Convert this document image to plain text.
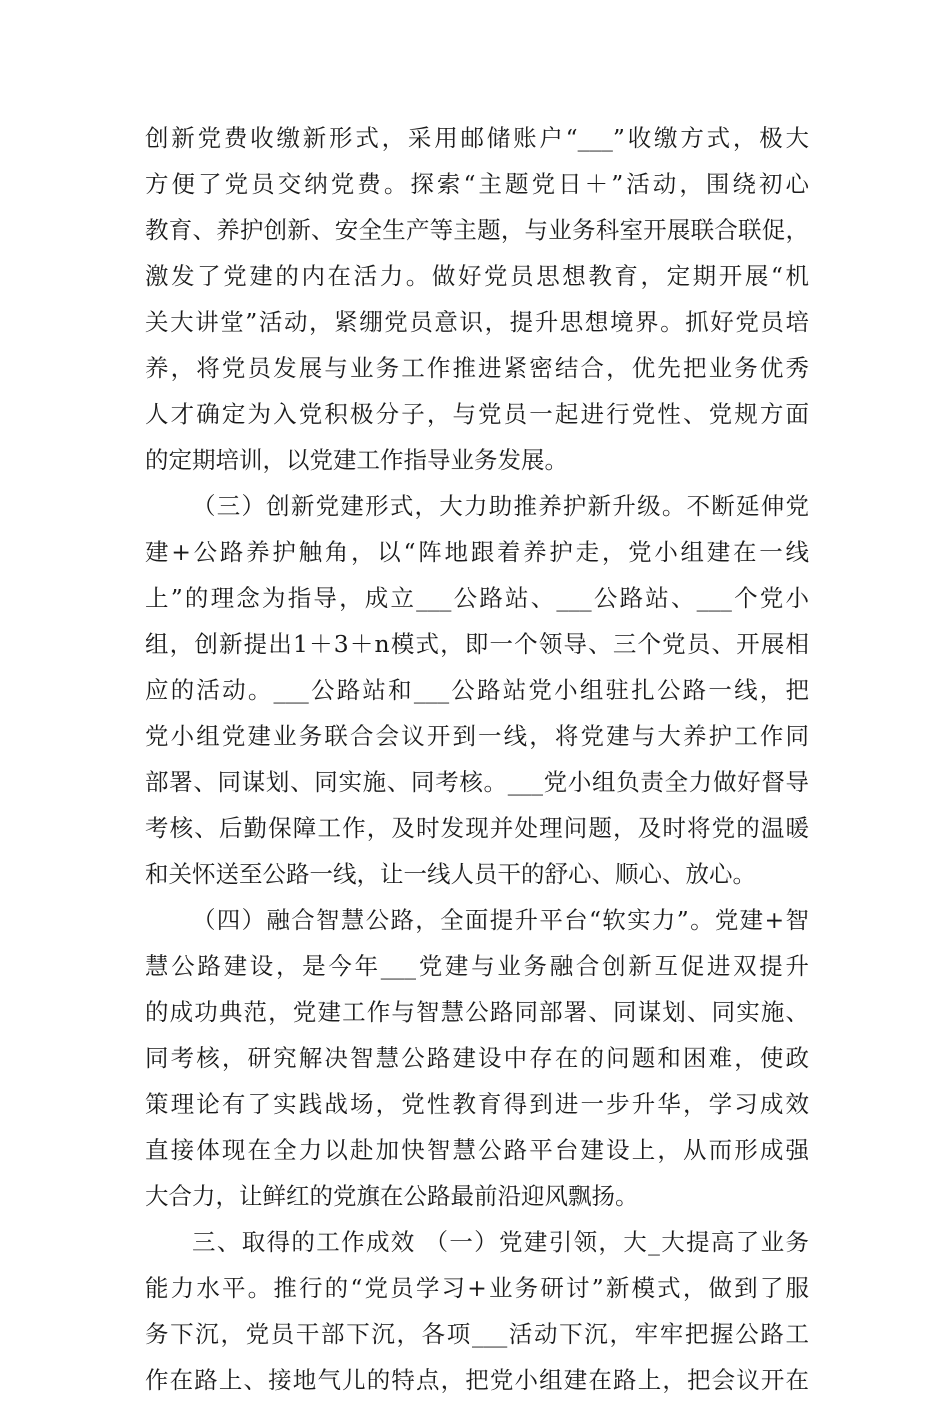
创新党费收缴新形式，采用邮储账户“___”收缴方式，极大
方便了党员交纳党费。探索“主题党日＋”活动，围绕初心
教育、养护创新、安全生产等主题，与业务科室开展联合联促，
激发了党建的内在活力。做好党员思想教育，定期开展“机
关大讲堂”活动，紧绷党员意识，提升思想境界。抓好党员培
养，将党员发展与业务工作推进紧密结合，优先把业务优秀
人才确定为入党积极分子，与党员一起进行党性、党规方面
的定期培训，以党建工作指导业务发展。
（三）创新党建形式，大力助推养护新升级。不断延伸党
建+公路养护触角，以“阵地跟着养护走，党小组建在一线
上”的理念为指导，成立___公路站、___公路站、___个党小
组，创新提出1＋3＋n模式，即一个领导、三个党员、开展相
应的活动。___公路站和___公路站党小组驻扎公路一线，把
党小组党建业务联合会议开到一线，将党建与大养护工作同
部署、同谋划、同实施、同考核。___党小组负责全力做好督导
考核、后勤保障工作，及时发现并处理问题，及时将党的温暖
和关怀送至公路一线，让一线人员干的舒心、顺心、放心。
（四）融合智慧公路，全面提升平台“软实力”。党建+智
慧公路建设，是今年___党建与业务融合创新互促进双提升
的成功典范，党建工作与智慧公路同部署、同谋划、同实施、
同考核，研究解决智慧公路建设中存在的问题和困难，使政
策理论有了实践战场，党性教育得到进一步升华，学习成效
直接体现在全力以赴加快智慧公路平台建设上，从而形成强
大合力，让鲜红的党旗在公路最前沿迎风飘扬。
三、取得的工作成效 （一）党建引领，大_大提高了业务
能力水平。推行的“党员学习+业务研讨”新模式，做到了服
务下沉，党员干部下沉，各项___活动下沉，牢牢把握公路工
作在路上、接地气儿的特点，把党小组建在路上，把会议开在
